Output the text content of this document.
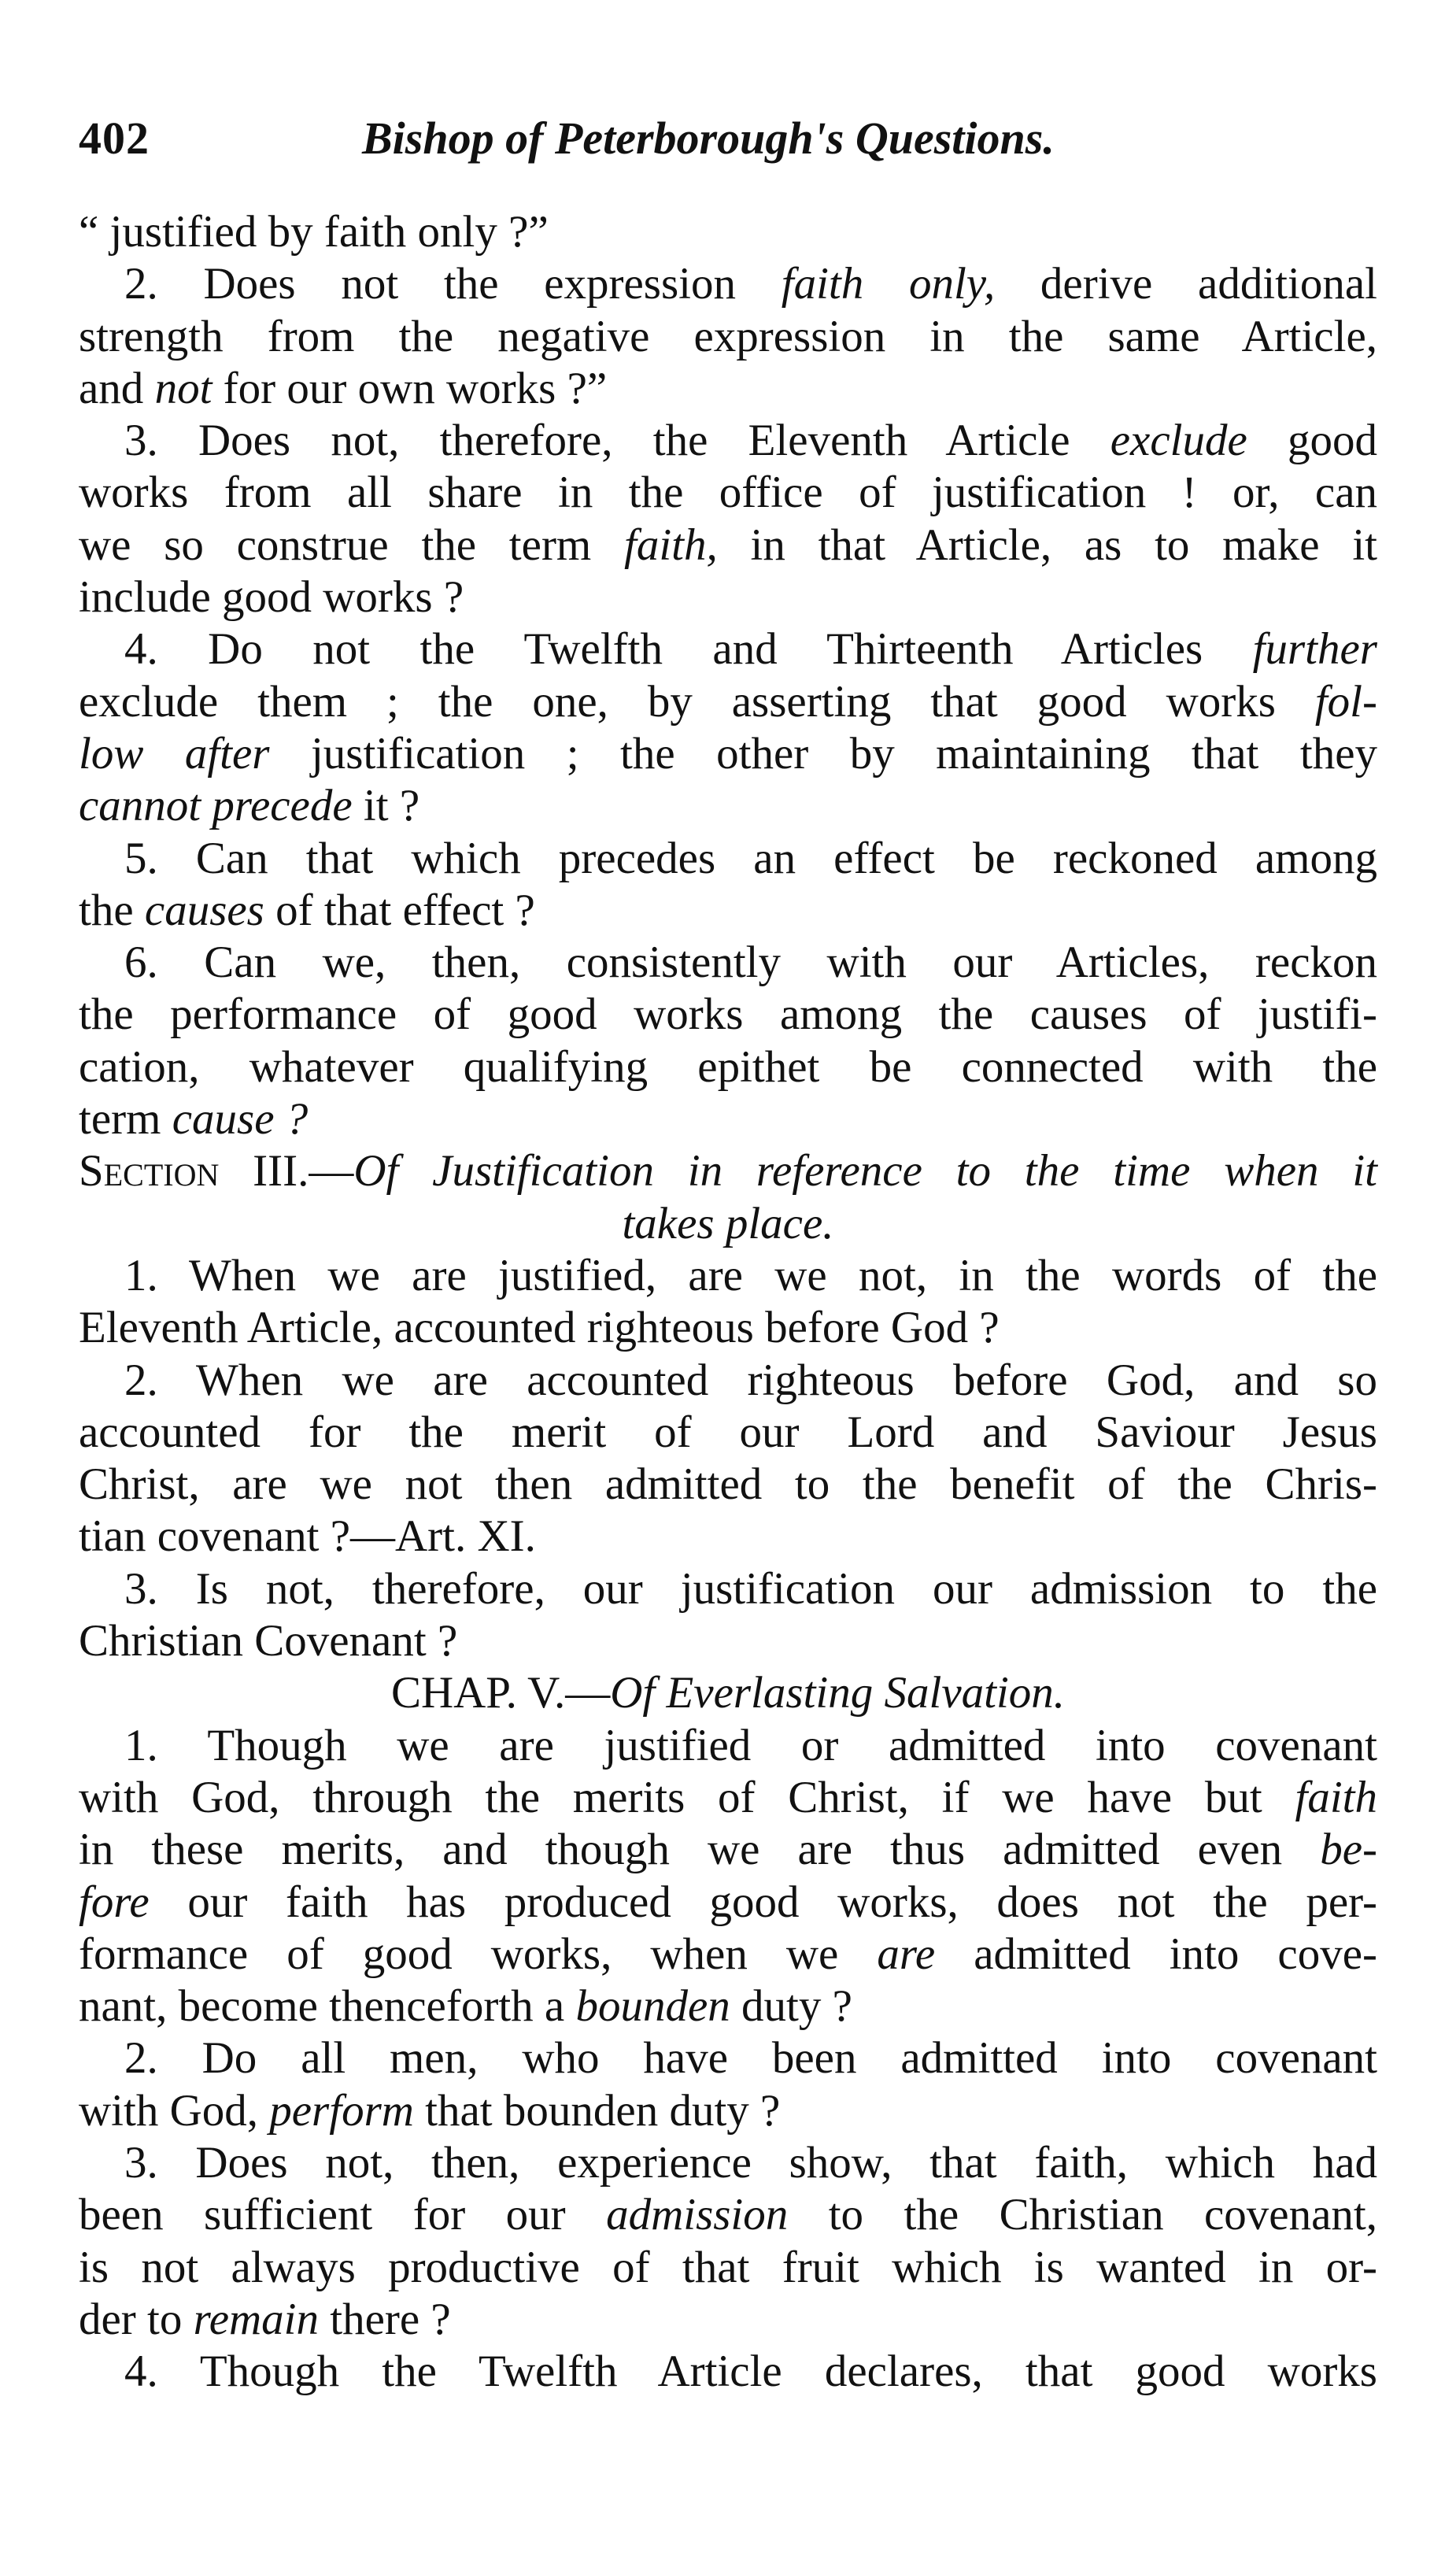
402	Bishop of Peterborough's Questions.
“ justified by faith only ?”
2. Does not the expression faith only, derive additional
strength from the negative expression in the same Article,
and not for our own works ?”
3. Does not, therefore, the Eleventh Article exclude good
works from all share in the office of justification ! or, can
we so construe the term faith, in that Article, as to make it
include good works ?
4. Do not the Twelfth and Thirteenth Articles further
exclude them ; the one, by asserting that good works fol-
low after justification ; the other by maintaining that they
cannot precede it ?
5. Can that which precedes an effect be reckoned among
the causes of that effect ?
6. Can we, then, consistently with our Articles, reckon
the performance of good works among the causes of justifi-
cation, whatever qualifying epithet be connected with the
term cause ?
Section III.—Of Justification in reference to the time when it
takes place.
1. When we are justified, are we not, in the words of the
Eleventh Article, accounted righteous before God ?
2. When we are accounted righteous before God, and so
accounted for the merit of our Lord and Saviour Jesus
Christ, are we not then admitted to the benefit of the Chris-
tian covenant ?—Art. XI.
3. Is not, therefore, our justification our admission to the
Christian Covenant ?
CHAP. V.—Of Everlasting Salvation.
1. Though we are justified or admitted into covenant
with God, through the merits of Christ, if we have but faith
in these merits, and though we are thus admitted even be-
fore our faith has produced good works, does not the per-
formance of good works, when we are admitted into cove-
nant, become thenceforth a bounden duty ?
2. Do all men, who have been admitted into covenant
with God, perform that bounden duty ?
3. Does not, then, experience show, that faith, which had
been sufficient for our admission to the Christian covenant,
is not always productive of that fruit which is wanted in or-
der to remain there ?
4. Though the Twelfth Article declares, that good works
